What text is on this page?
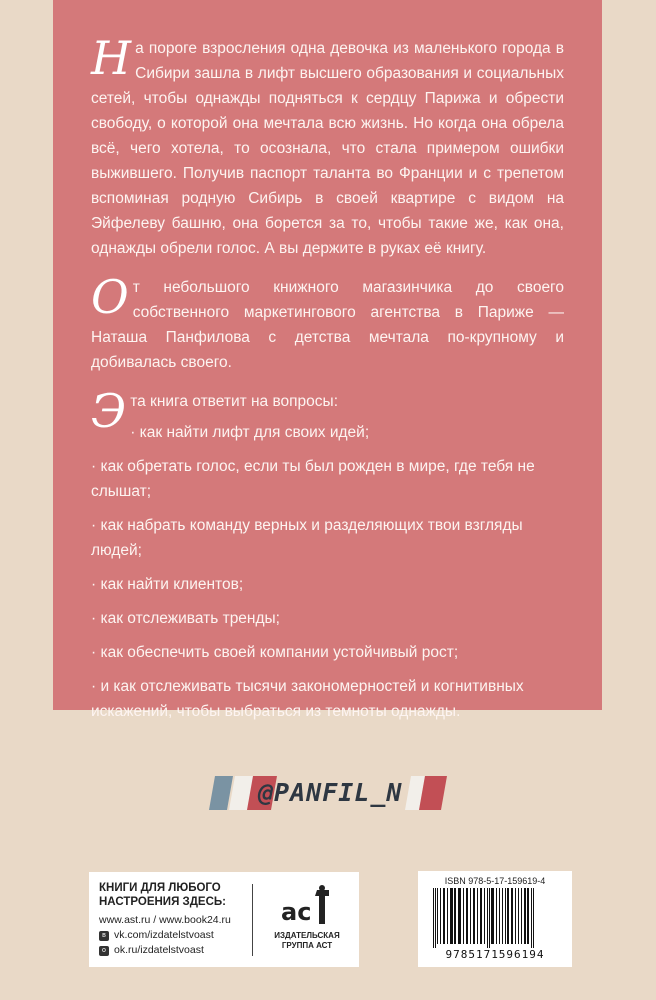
На пороге взросления одна девочка из маленького города в Сибири зашла в лифт высшего образования и социальных сетей, чтобы однажды подняться к сердцу Парижа и обрести свободу, о которой она мечтала всю жизнь. Но когда она обрела всё, чего хотела, то осознала, что стала примером ошибки выжившего. Получив паспорт таланта во Франции и с трепетом вспоминая родную Сибирь в своей квартире с видом на Эйфелеву башню, она борется за то, чтобы такие же, как она, однажды обрели голос. А вы держите в руках её книгу.

От небольшого книжного магазинчика до своего собственного маркетингового агентства в Париже — Наташа Панфилова с детства мечтала по-крупному и добивалась своего.

Эта книга ответит на вопросы:

· как найти лифт для своих идей;
· как обретать голос, если ты был рожден в мире, где тебя не слышат;
· как набрать команду верных и разделяющих твои взгляды людей;
· как найти клиентов;
· как отслеживать тренды;
· как обеспечить своей компании устойчивый рост;
· и как отслеживать тысячи закономерностей и когнитивных искажений, чтобы выбраться из темноты однажды.
@PANFIL_N
КНИГИ ДЛЯ ЛЮБОГО
НАСТРОЕНИЯ ЗДЕСЬ:
www.ast.ru / www.book24.ru
в vk.com/izdatelstvoast
о ok.ru/izdatelstvoast
ac
ИЗДАТЕЛЬСКАЯ
ГРУППА АСТ
ISBN 978-5-17-159619-4
9785171596194
